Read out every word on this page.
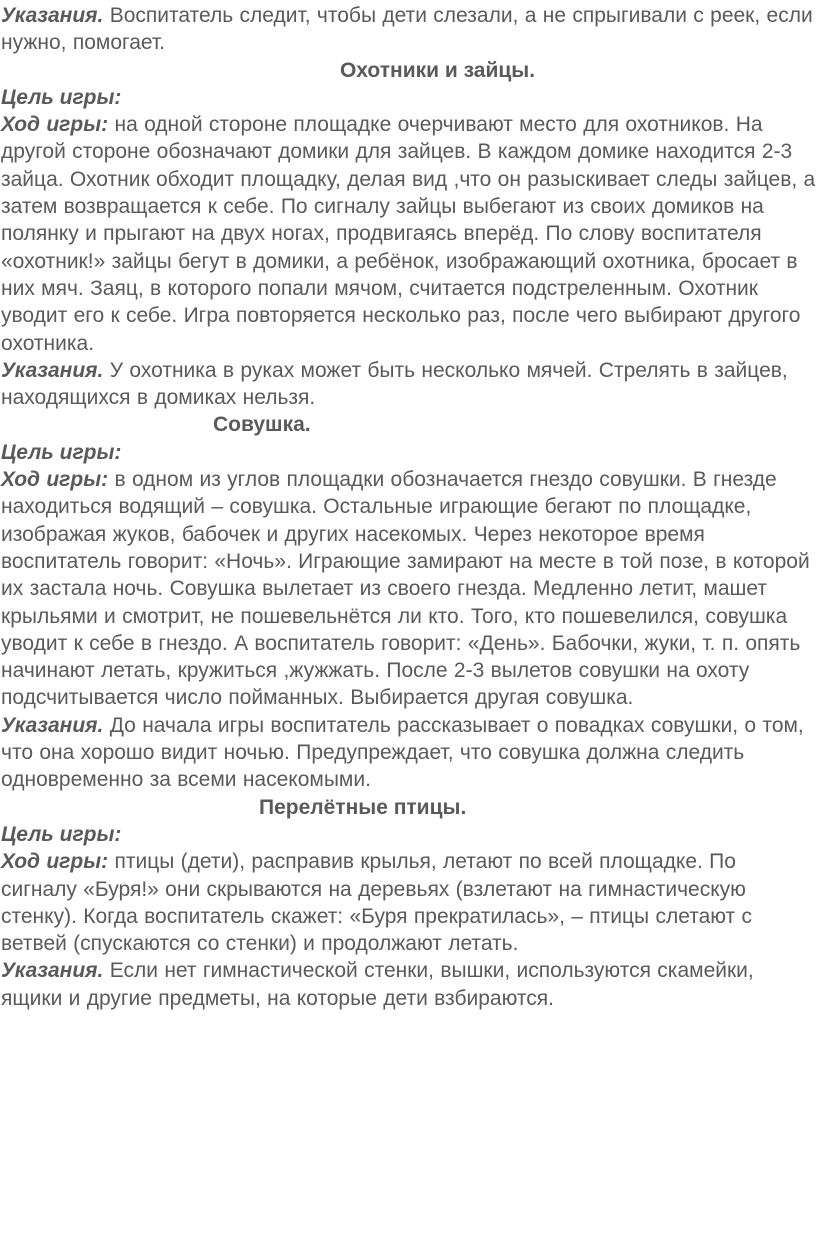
Указания. Воспитатель следит, чтобы дети слезали, а не спрыгивали с реек, если нужно, помогает.

Охотники и зайцы.

Цель игры:

Ход игры: на одной стороне площадке очерчивают место для охотников. На другой стороне обозначают домики для зайцев. В каждом домике находится 2-3 зайца. Охотник обходит площадку, делая вид ,что он разыскивает следы зайцев, а затем возвращается к себе. По сигналу зайцы выбегают из своих домиков на полянку и прыгают на двух ногах, продвигаясь вперёд. По слову воспитателя «охотник!» зайцы бегут в домики, а ребёнок, изображающий охотника, бросает в них мяч. Заяц, в которого попали мячом, считается подстреленным. Охотник уводит его к себе. Игра повторяется несколько раз, после чего выбирают другого охотника.

Указания. У охотника в руках может быть несколько мячей. Стрелять в зайцев, находящихся в домиках нельзя.

Совушка.

Цель игры:

Ход игры: в одном из углов площадки обозначается гнездо совушки. В гнезде находиться водящий – совушка. Остальные играющие бегают по площадке, изображая жуков, бабочек и других насекомых. Через некоторое время воспитатель говорит: «Ночь». Играющие замирают на месте в той позе, в которой их застала ночь. Совушка вылетает из своего гнезда. Медленно летит, машет крыльями и смотрит, не пошевельнётся ли кто. Того, кто пошевелился, совушка уводит к себе в гнездо. А воспитатель говорит: «День». Бабочки, жуки, т. п. опять начинают летать, кружиться ,жужжать. После 2-3 вылетов совушки на охоту подсчитывается число пойманных. Выбирается другая совушка.

Указания. До начала игры воспитатель рассказывает о повадках совушки, о том, что она хорошо видит ночью. Предупреждает, что совушка должна следить одновременно за всеми насекомыми.

Перелётные птицы.

Цель игры:

Ход игры: птицы (дети), расправив крылья, летают по всей площадке. По сигналу «Буря!» они скрываются на деревьях (взлетают на гимнастическую стенку). Когда воспитатель скажет: «Буря прекратилась», – птицы слетают с ветвей (спускаются со стенки) и продолжают летать.

Указания. Если нет гимнастической стенки, вышки, используются скамейки, ящики и другие предметы, на которые дети взбираются.
